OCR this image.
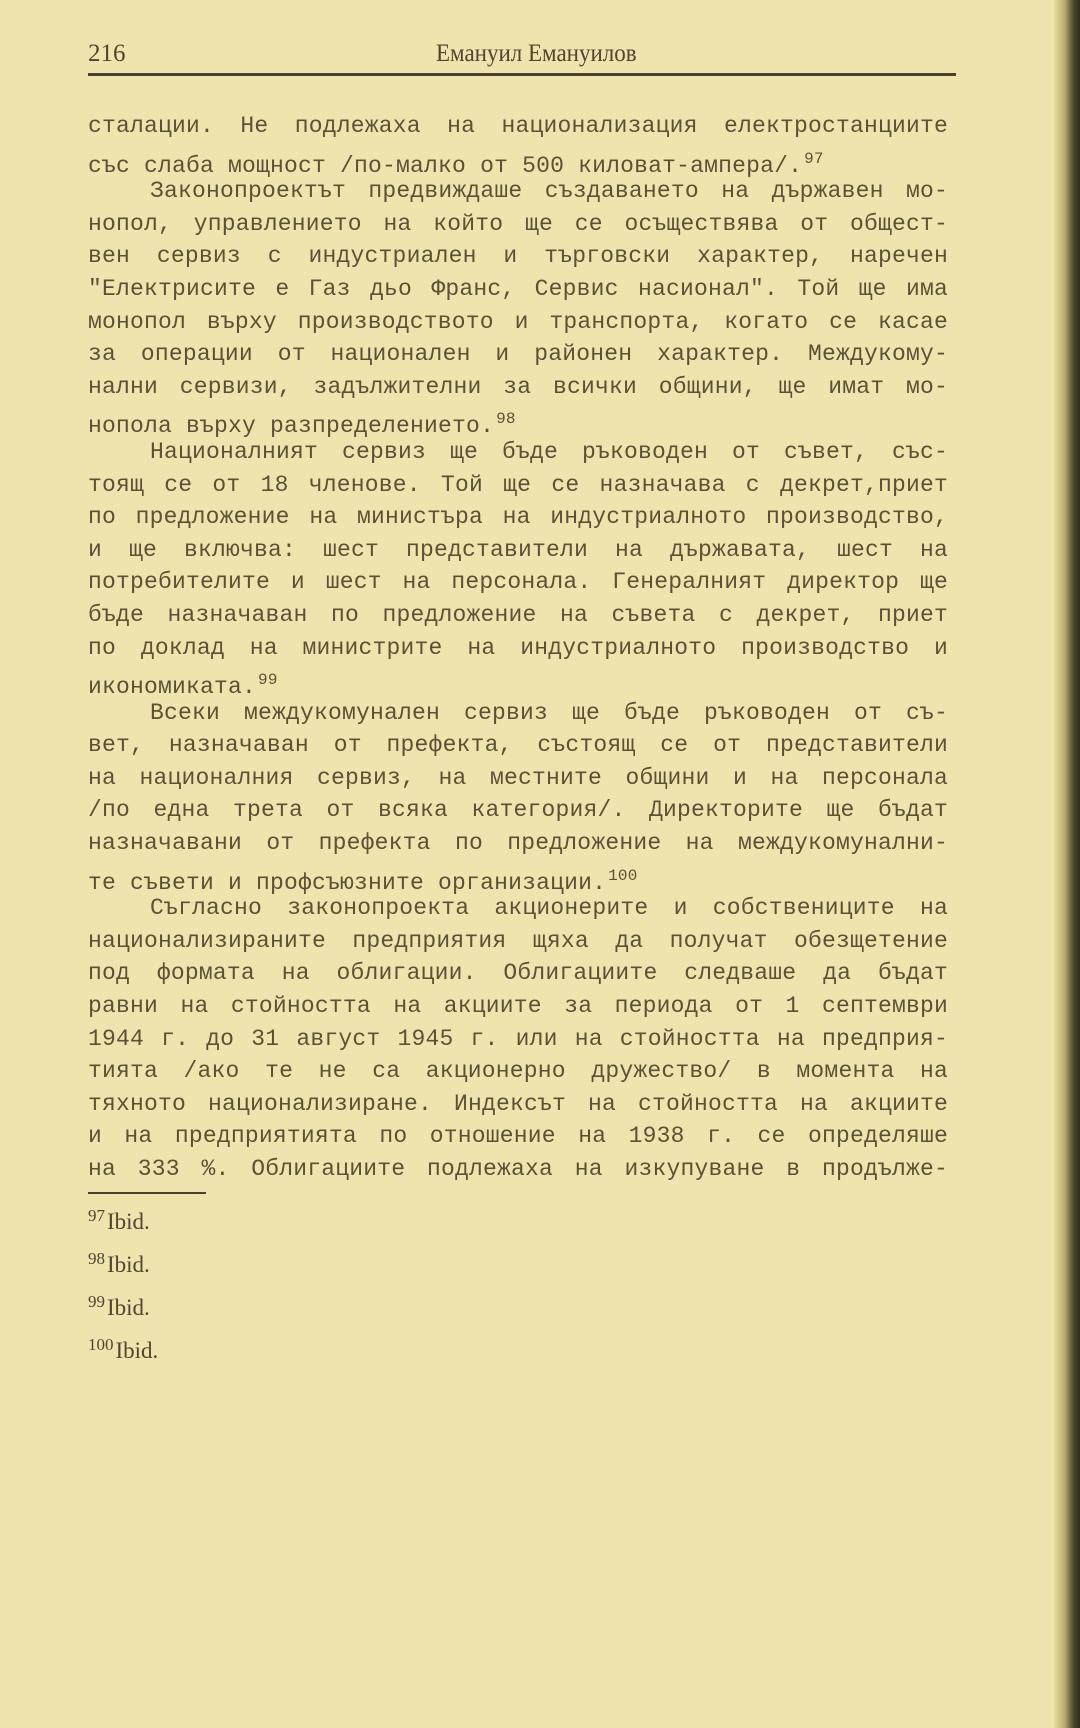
216	Емануил Емануилов
сталации. Не подлежаха на национализация електростанциите
със слаба мощност /по-малко от 500 киловат-ампера/. $^{97}$
Законопроектът предвиждаше създаването на държавен мо-
нопол, управлението на който ще се осъществява от общест-
вен сервиз с индустриален и търговски характер, наречен
"Електрисите е Газ дьо Франс, Сервис насионал". Той ще има
монопол върху производството и транспорта, когато се касае
за операции от национален и районен характер. Междукому-
нални сервизи, задължителни за всички общини, ще имат мо-
нопола върху разпределението. $^{98}$
Националният сервиз ще бъде ръководен от съвет, със-
тоящ се от 18 членове. Той ще се назначава с декрет,приет
по предложение на министъра на индустриалното производство,
и ще включва: шест представители на държавата, шест на
потребителите и шест на персонала. Генералният директор ще
бъде назначаван по предложение на съвета с декрет, приет
по доклад на министрите на индустриалното производство и
икономиката. $^{99}$
Всеки междукомунален сервиз ще бъде ръководен от съ-
вет, назначаван от префекта, състоящ се от представители
на националния сервиз, на местните общини и на персонала
/по една трета от всяка категория/. Директорите ще бъдат
назначавани от префекта по предложение на междукомунални-
те съвети и профсъюзните организации. $^{100}$
Съгласно законопроекта акционерите и собствениците на
национализираните предприятия щяха да получат обезщетение
под формата на облигации. Облигациите следваше да бъдат
равни на стойността на акциите за периода от 1 септември
1944 г. до 31 август 1945 г. или на стойността на предприя-
тията /ако те не са акционерно дружество/ в момента на
тяхното национализиране. Индексът на стойността на акциите
и на предприятията по отношение на 1938 г. се определяше
на 333 %. Облигациите подлежаха на изкупуване в продълже-
$^{97}$Ibid.
$^{98}$Ibid.
$^{99}$Ibid.
$^{100}$Ibid.
